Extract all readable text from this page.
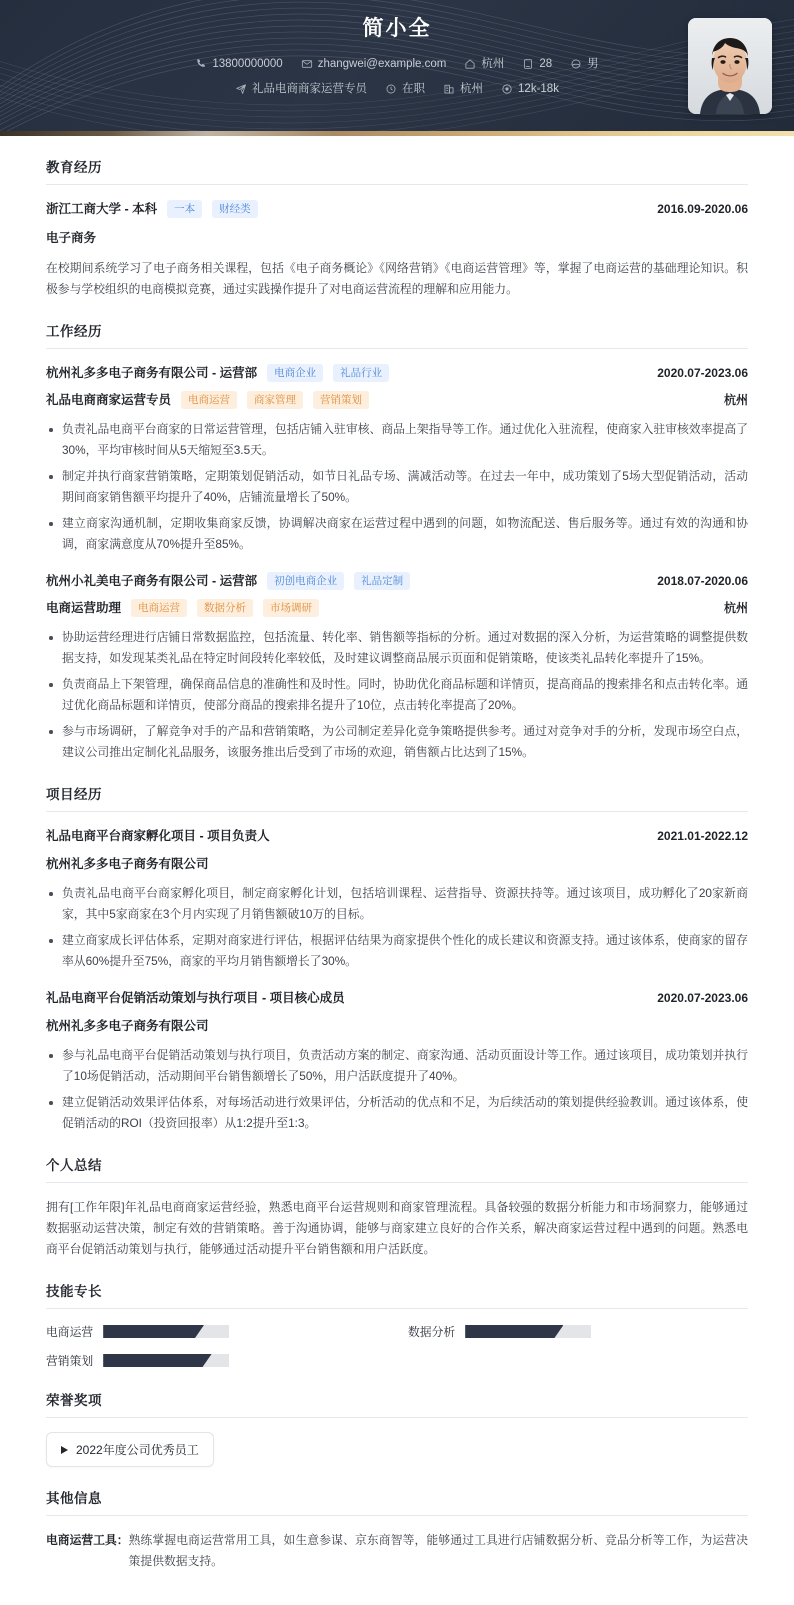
简小全
13800000000	zhangwei@example.com	杭州	28	男
礼品电商商家运营专员	在职	杭州	12k-18k
教育经历
浙江工商大学 - 本科	一本	财经类	2016.09-2020.06
电子商务
在校期间系统学习了电子商务相关课程，包括《电子商务概论》《网络营销》《电商运营管理》等，掌握了电商运营的基础理论知识。积极参与学校组织的电商模拟竞赛，通过实践操作提升了对电商运营流程的理解和应用能力。
工作经历
杭州礼多多电子商务有限公司 - 运营部	电商企业	礼品行业	2020.07-2023.06
礼品电商商家运营专员	电商运营	商家管理	营销策划	杭州
负责礼品电商平台商家的日常运营管理，包括店铺入驻审核、商品上架指导等工作。通过优化入驻流程，使商家入驻审核效率提高了30%，平均审核时间从5天缩短至3.5天。
制定并执行商家营销策略，定期策划促销活动，如节日礼品专场、满减活动等。在过去一年中，成功策划了5场大型促销活动，活动期间商家销售额平均提升了40%，店铺流量增长了50%。
建立商家沟通机制，定期收集商家反馈，协调解决商家在运营过程中遇到的问题，如物流配送、售后服务等。通过有效的沟通和协调，商家满意度从70%提升至85%。
杭州小礼美电子商务有限公司 - 运营部	初创电商企业	礼品定制	2018.07-2020.06
电商运营助理	电商运营	数据分析	市场调研	杭州
协助运营经理进行店铺日常数据监控，包括流量、转化率、销售额等指标的分析。通过对数据的深入分析，为运营策略的调整提供数据支持，如发现某类礼品在特定时间段转化率较低，及时建议调整商品展示页面和促销策略，使该类礼品转化率提升了15%。
负责商品上下架管理，确保商品信息的准确性和及时性。同时，协助优化商品标题和详情页，提高商品的搜索排名和点击转化率。通过优化商品标题和详情页，使部分商品的搜索排名提升了10位，点击转化率提高了20%。
参与市场调研，了解竞争对手的产品和营销策略，为公司制定差异化竞争策略提供参考。通过对竞争对手的分析，发现市场空白点，建议公司推出定制化礼品服务，该服务推出后受到了市场的欢迎，销售额占比达到了15%。
项目经历
礼品电商平台商家孵化项目 - 项目负责人	2021.01-2022.12
杭州礼多多电子商务有限公司
负责礼品电商平台商家孵化项目，制定商家孵化计划，包括培训课程、运营指导、资源扶持等。通过该项目，成功孵化了20家新商家，其中5家商家在3个月内实现了月销售额破10万的目标。
建立商家成长评估体系，定期对商家进行评估，根据评估结果为商家提供个性化的成长建议和资源支持。通过该体系，使商家的留存率从60%提升至75%，商家的平均月销售额增长了30%。
礼品电商平台促销活动策划与执行项目 - 项目核心成员	2020.07-2023.06
杭州礼多多电子商务有限公司
参与礼品电商平台促销活动策划与执行项目，负责活动方案的制定、商家沟通、活动页面设计等工作。通过该项目，成功策划并执行了10场促销活动，活动期间平台销售额增长了50%，用户活跃度提升了40%。
建立促销活动效果评估体系，对每场活动进行效果评估，分析活动的优点和不足，为后续活动的策划提供经验教训。通过该体系，使促销活动的ROI（投资回报率）从1:2提升至1:3。
个人总结
拥有[工作年限]年礼品电商商家运营经验，熟悉电商平台运营规则和商家管理流程。具备较强的数据分析能力和市场洞察力，能够通过数据驱动运营决策，制定有效的营销策略。善于沟通协调，能够与商家建立良好的合作关系，解决商家运营过程中遇到的问题。熟悉电商平台促销活动策划与执行，能够通过活动提升平台销售额和用户活跃度。
技能专长
电商运营	数据分析
营销策划
荣誉奖项
2022年度公司优秀员工
其他信息
电商运营工具： 熟练掌握电商运营常用工具，如生意参谋、京东商智等，能够通过工具进行店铺数据分析、竞品分析等工作，为运营决策提供数据支持。
